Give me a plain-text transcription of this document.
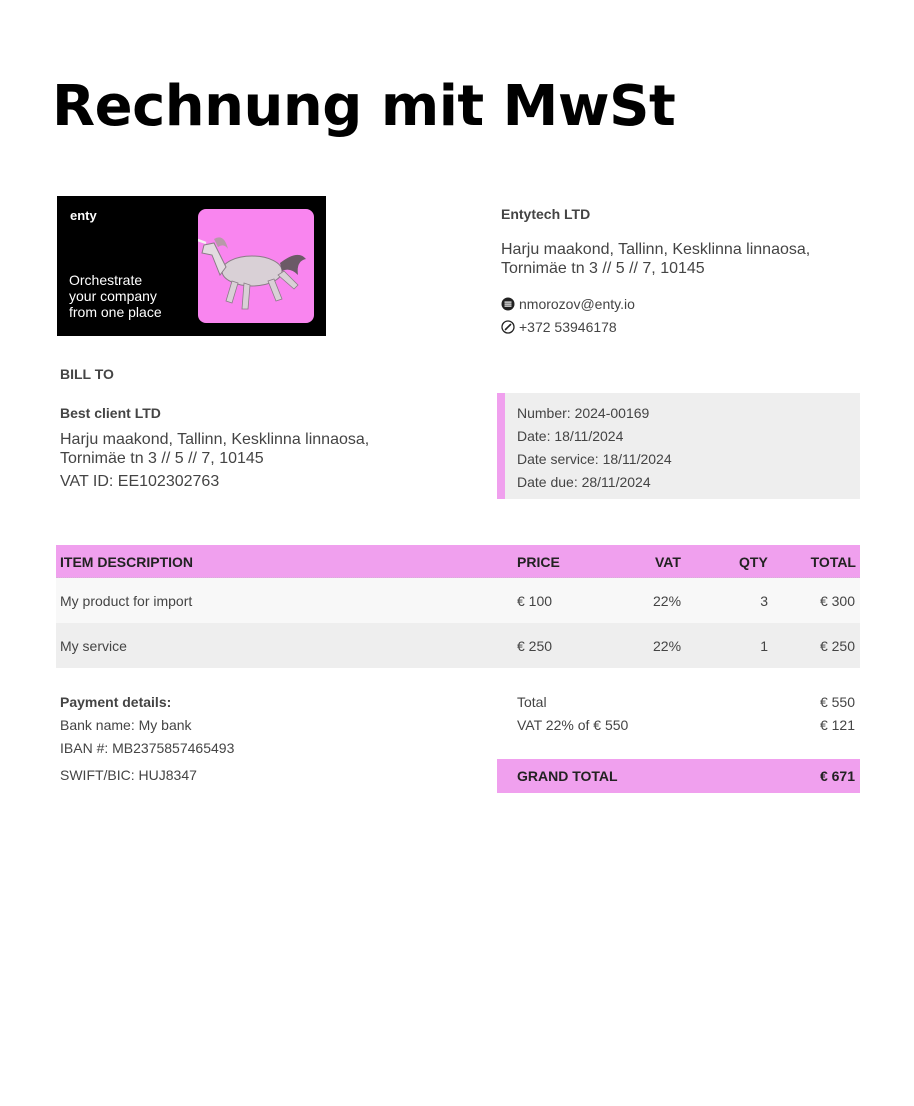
Rechnung mit MwSt
enty
Orchestrate
your company
from one place
Entytech LTD
Harju maakond, Tallinn, Kesklinna linnaosa,
Tornimäe tn 3 // 5 // 7, 10145
nmorozov@enty.io
+372 53946178
BILL TO
Best client LTD
Harju maakond, Tallinn, Kesklinna linnaosa,
Tornimäe tn 3 // 5 // 7, 10145
VAT ID: EE102302763
Number: 2024-00169
Date: 18/11/2024
Date service: 18/11/2024
Date due: 28/11/2024
ITEM DESCRIPTION	PRICE	VAT	QTY	TOTAL
My product for import	€ 100	22%	3	€ 300
My service	€ 250	22%	1	€ 250
Payment details:
Bank name: My bank
IBAN #: MB2375857465493
SWIFT/BIC: HUJ8347
Total	€ 550
VAT 22% of € 550	€ 121
GRAND TOTAL	€ 671
